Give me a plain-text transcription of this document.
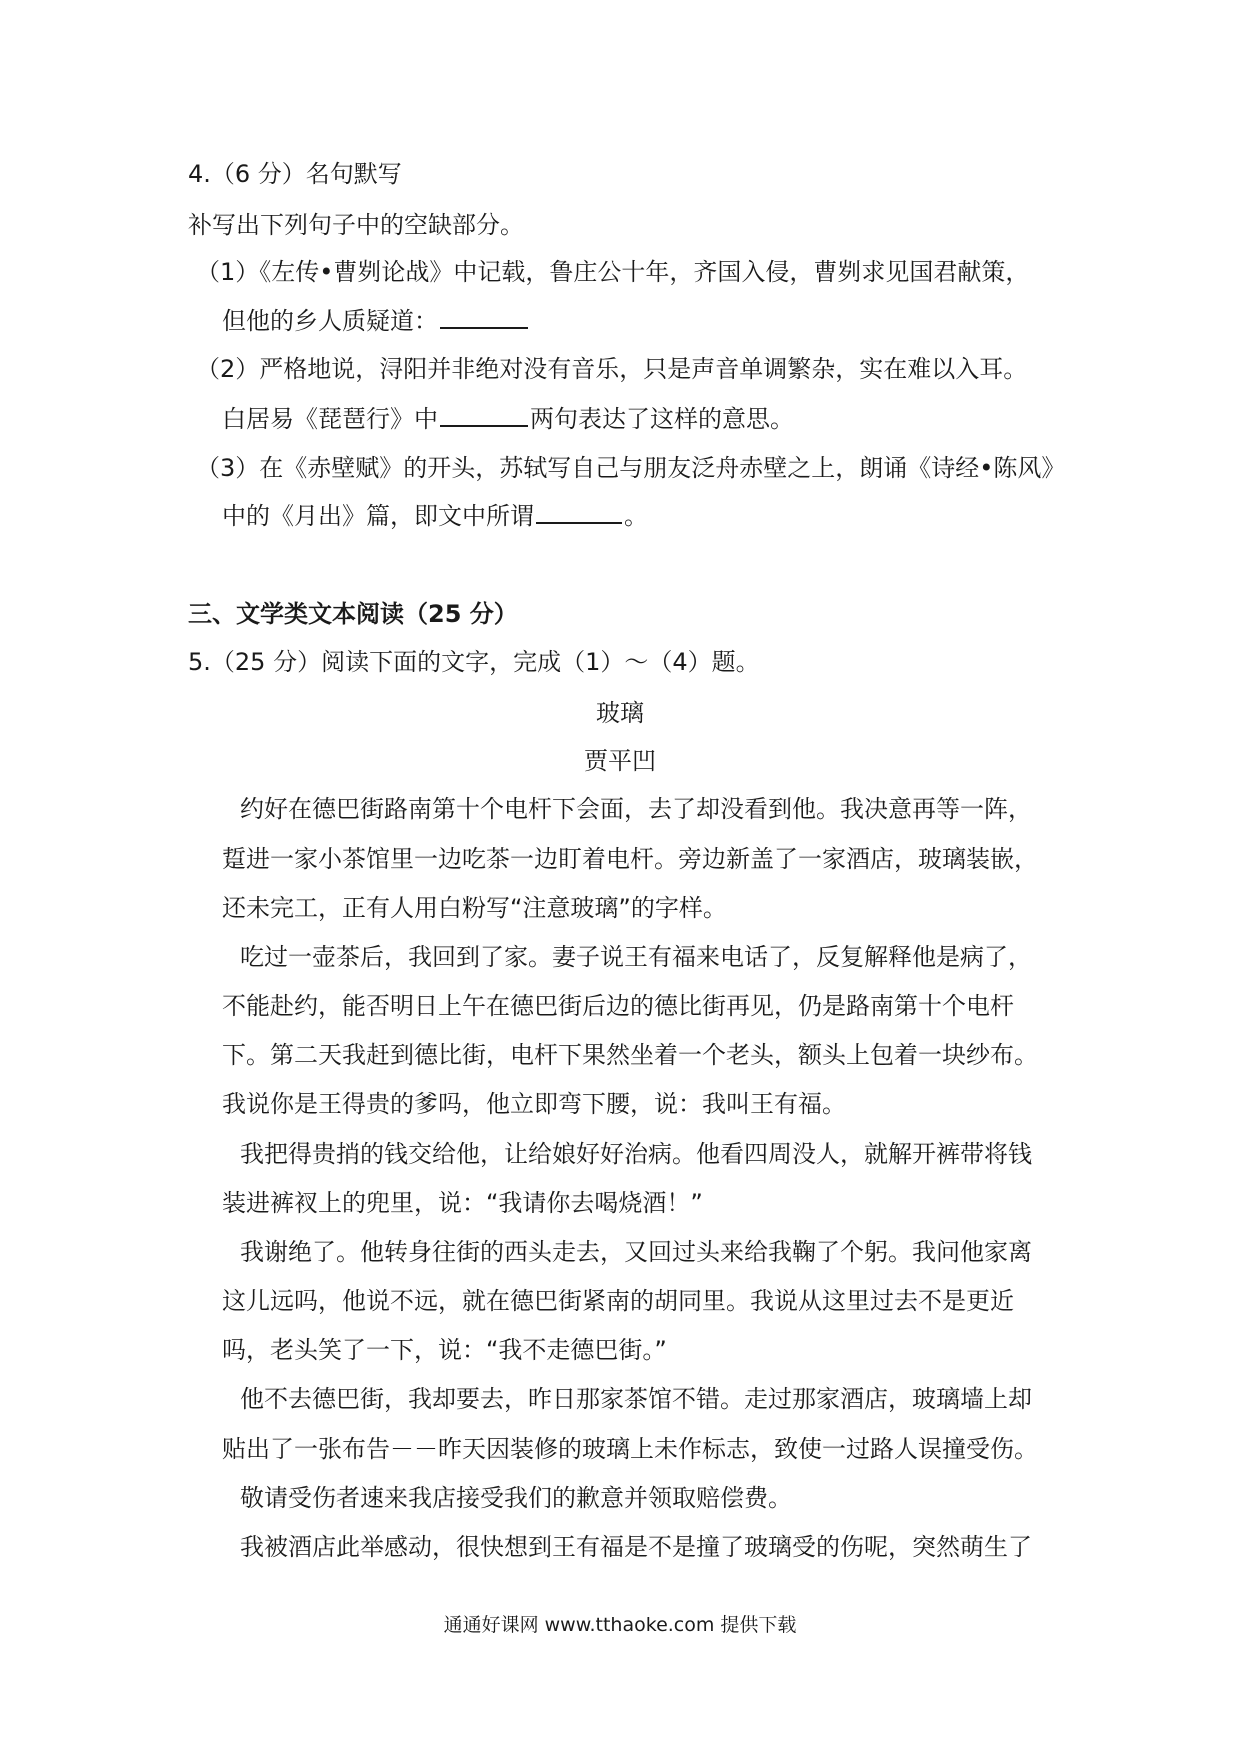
4.（6 分）名句默写
补写出下列句子中的空缺部分。
（1）《左传•曹刿论战》中记载，鲁庄公十年，齐国入侵，曹刿求见国君献策，
但他的乡人质疑道：
（2）严格地说，浔阳并非绝对没有音乐，只是声音单调繁杂，实在难以入耳。
白居易《琵琶行》中	两句表达了这样的意思。
（3）在《赤壁赋》的开头，苏轼写自己与朋友泛舟赤壁之上，朗诵《诗经•陈风》
中的《月出》篇，即文中所谓	。
三、文学类文本阅读（25 分）
5.（25 分）阅读下面的文字，完成（1）～（4）题。
玻璃
贾平凹
约好在德巴街路南第十个电杆下会面，去了却没看到他。我决意再等一阵，
踅进一家小茶馆里一边吃茶一边盯着电杆。旁边新盖了一家酒店，玻璃装嵌，
还未完工，正有人用白粉写“注意玻璃”的字样。
吃过一壶茶后，我回到了家。妻子说王有福来电话了，反复解释他是病了，
不能赴约，能否明日上午在德巴街后边的德比街再见，仍是路南第十个电杆
下。第二天我赶到德比街，电杆下果然坐着一个老头，额头上包着一块纱布。
我说你是王得贵的爹吗，他立即弯下腰，说：我叫王有福。
我把得贵捎的钱交给他，让给娘好好治病。他看四周没人，就解开裤带将钱
装进裤衩上的兜里，说：“我请你去喝烧酒！”
我谢绝了。他转身往街的西头走去，又回过头来给我鞠了个躬。我问他家离
这儿远吗，他说不远，就在德巴街紧南的胡同里。我说从这里过去不是更近
吗，老头笑了一下，说：“我不走德巴街。”
他不去德巴街，我却要去，昨日那家茶馆不错。走过那家酒店，玻璃墙上却
贴出了一张布告－－昨天因装修的玻璃上未作标志，致使一过路人误撞受伤。
敬请受伤者速来我店接受我们的歉意并领取赔偿费。
我被酒店此举感动，很快想到王有福是不是撞了玻璃受的伤呢，突然萌生了
通通好课网 www.tthaoke.com 提供下载
